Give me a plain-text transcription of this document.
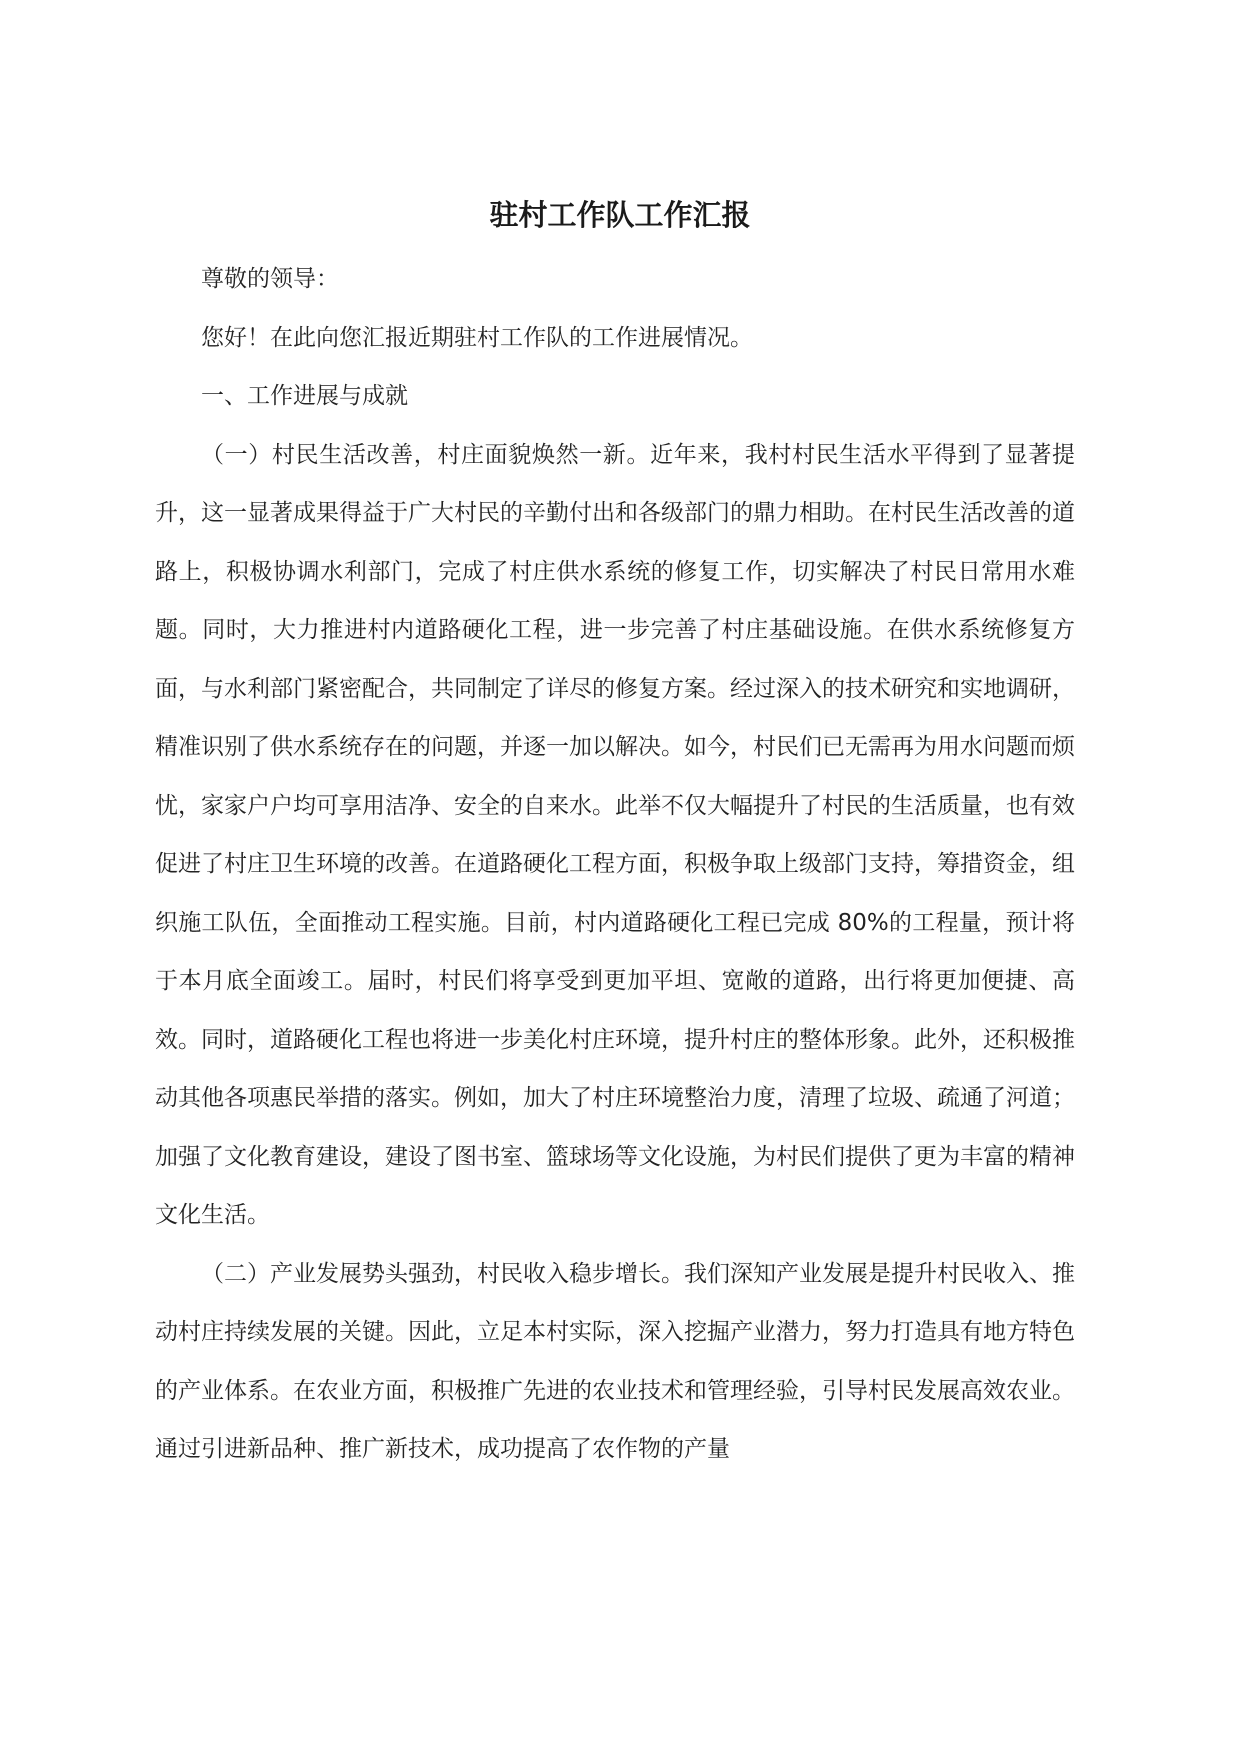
驻村工作队工作汇报

尊敬的领导：

您好！在此向您汇报近期驻村工作队的工作进展情况。

一、工作进展与成就

（一）村民生活改善，村庄面貌焕然一新。近年来，我村村民生活水平得到了显著提升，这一显著成果得益于广大村民的辛勤付出和各级部门的鼎力相助。在村民生活改善的道路上，积极协调水利部门，完成了村庄供水系统的修复工作，切实解决了村民日常用水难题。同时，大力推进村内道路硬化工程，进一步完善了村庄基础设施。在供水系统修复方面，与水利部门紧密配合，共同制定了详尽的修复方案。经过深入的技术研究和实地调研，精准识别了供水系统存在的问题，并逐一加以解决。如今，村民们已无需再为用水问题而烦忧，家家户户均可享用洁净、安全的自来水。此举不仅大幅提升了村民的生活质量，也有效促进了村庄卫生环境的改善。在道路硬化工程方面，积极争取上级部门支持，筹措资金，组织施工队伍，全面推动工程实施。目前，村内道路硬化工程已完成 80%的工程量，预计将于本月底全面竣工。届时，村民们将享受到更加平坦、宽敞的道路，出行将更加便捷、高效。同时，道路硬化工程也将进一步美化村庄环境，提升村庄的整体形象。此外，还积极推动其他各项惠民举措的落实。例如，加大了村庄环境整治力度，清理了垃圾、疏通了河道；加强了文化教育建设，建设了图书室、篮球场等文化设施，为村民们提供了更为丰富的精神文化生活。

（二）产业发展势头强劲，村民收入稳步增长。我们深知产业发展是提升村民收入、推动村庄持续发展的关键。因此，立足本村实际，深入挖掘产业潜力，努力打造具有地方特色的产业体系。在农业方面，积极推广先进的农业技术和管理经验，引导村民发展高效农业。通过引进新品种、推广新技术，成功提高了农作物的产量
